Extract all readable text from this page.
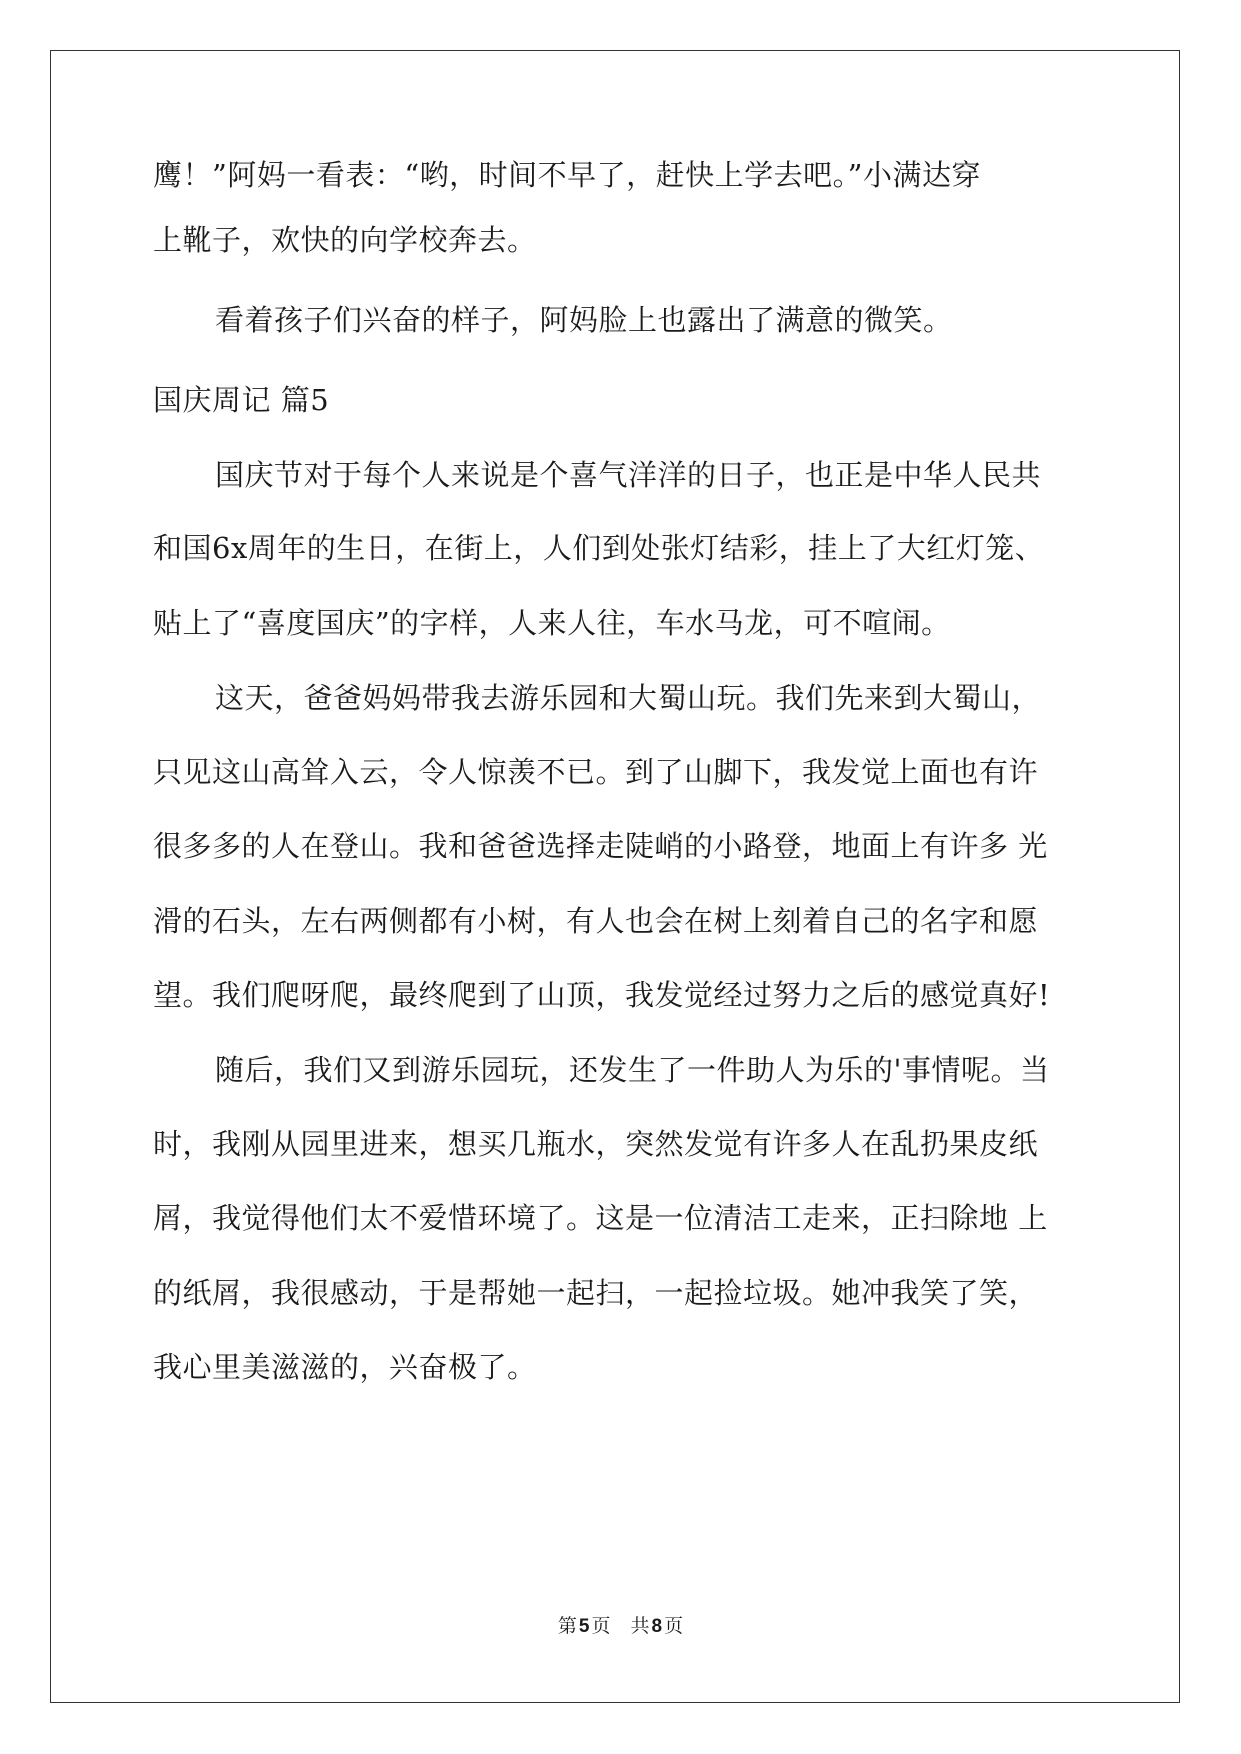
鹰！”阿妈一看表：“哟，时间不早了，赶快上学去吧。”小满达穿
上靴子，欢快的向学校奔去。
看着孩子们兴奋的样子，阿妈脸上也露出了满意的微笑。
国庆周记 篇5
国庆节对于每个人来说是个喜气洋洋的日子，也正是中华人民共
和国6x周年的生日，在街上，人们到处张灯结彩，挂上了大红灯笼、
贴上了“喜度国庆”的字样，人来人往，车水马龙，可不喧闹。
这天，爸爸妈妈带我去游乐园和大蜀山玩。我们先来到大蜀山，
只见这山高耸入云，令人惊羡不已。到了山脚下，我发觉上面也有许
很多多的人在登山。我和爸爸选择走陡峭的小路登，地面上有许多 光
滑的石头，左右两侧都有小树，有人也会在树上刻着自己的名字和愿
望。我们爬呀爬，最终爬到了山顶，我发觉经过努力之后的感觉真好!
随后，我们又到游乐园玩，还发生了一件助人为乐的'事情呢。当
时，我刚从园里进来，想买几瓶水，突然发觉有许多人在乱扔果皮纸
屑，我觉得他们太不爱惜环境了。这是一位清洁工走来，正扫除地 上
的纸屑，我很感动，于是帮她一起扫，一起捡垃圾。她冲我笑了笑，
我心里美滋滋的，兴奋极了。
第 5 页 共 8 页
